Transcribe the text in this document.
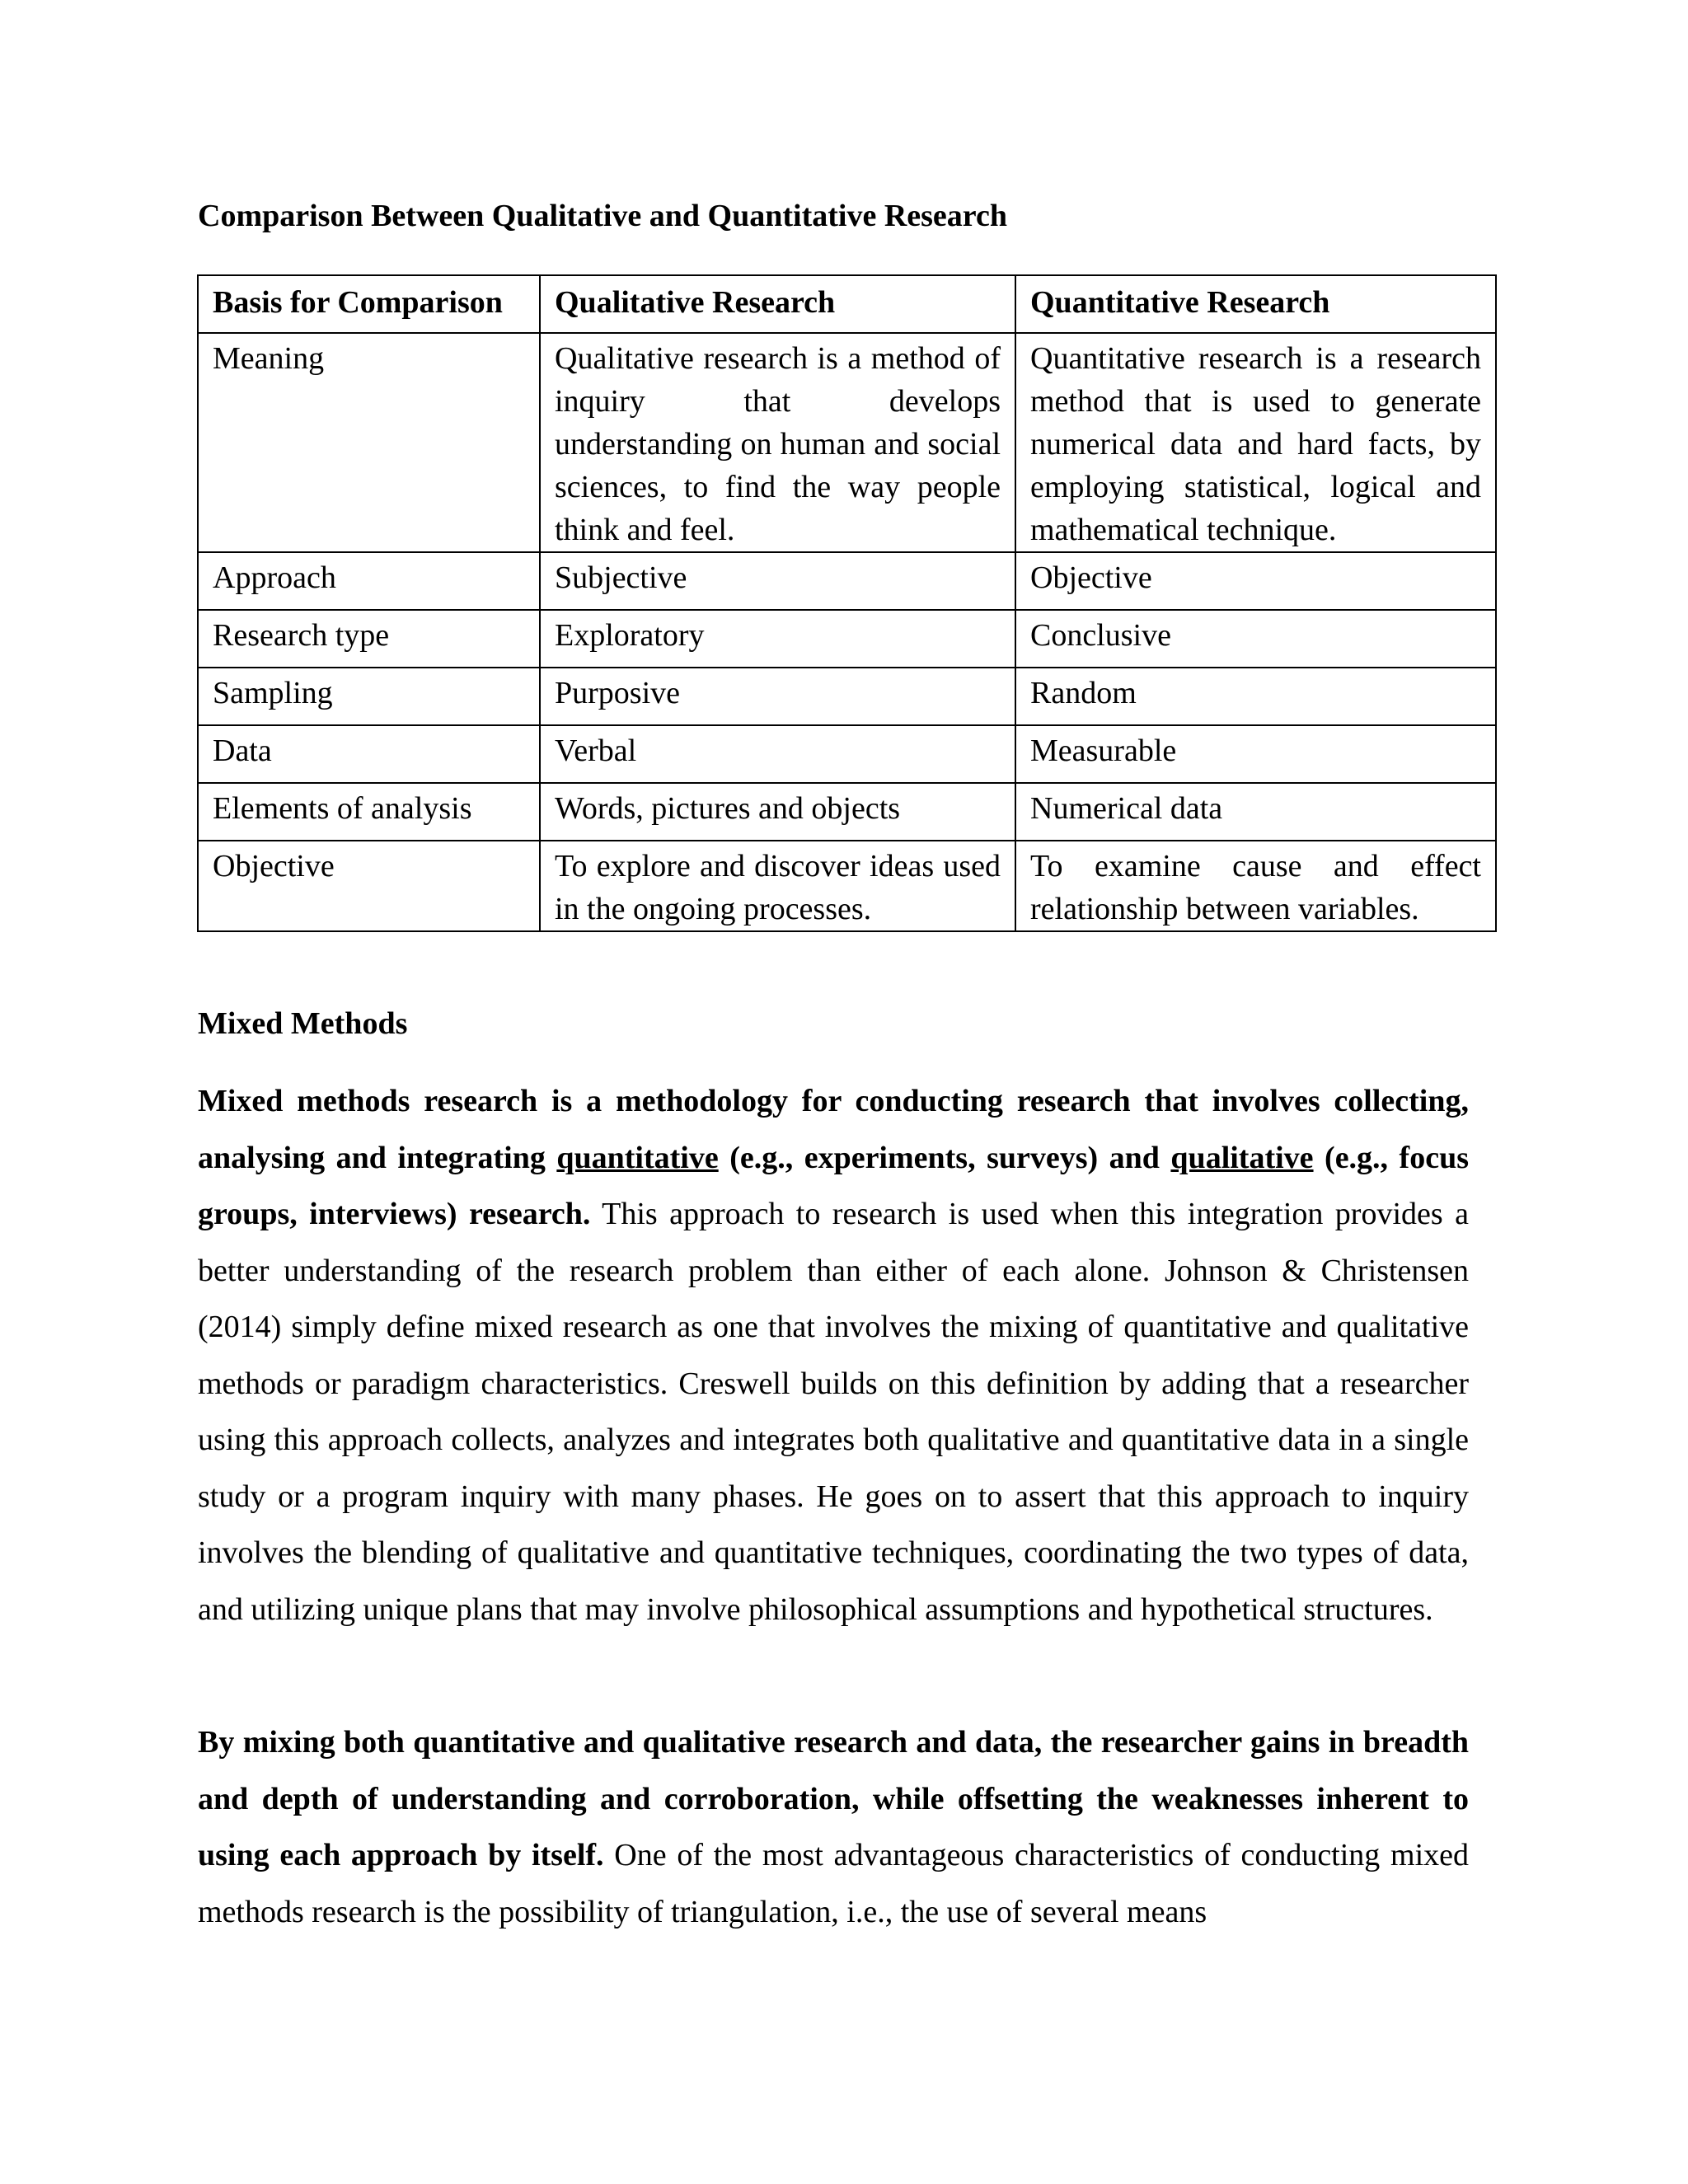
Comparison Between Qualitative and Quantitative Research
Basis for Comparison	Qualitative Research	Quantitative Research
Meaning	Qualitative research is a method of inquiry that develops understanding on human and social sciences, to find the way people think and feel.	Quantitative research is a research method that is used to generate numerical data and hard facts, by employing statistical, logical and mathematical technique.
Approach	Subjective	Objective
Research type	Exploratory	Conclusive
Sampling	Purposive	Random
Data	Verbal	Measurable
Elements of analysis	Words, pictures and objects	Numerical data
Objective	To explore and discover ideas used in the ongoing processes.	To examine cause and effect relationship between variables.
Mixed Methods

Mixed methods research is a methodology for conducting research that involves collecting, analysing and integrating quantitative (e.g., experiments, surveys) and qualitative (e.g., focus groups, interviews) research. This approach to research is used when this integration provides a better understanding of the research problem than either of each alone. Johnson & Christensen (2014) simply define mixed research as one that involves the mixing of quantitative and qualitative methods or paradigm characteristics. Creswell builds on this definition by adding that a researcher using this approach collects, analyzes and integrates both qualitative and quantitative data in a single study or a program inquiry with many phases. He goes on to assert that this approach to inquiry involves the blending of qualitative and quantitative techniques, coordinating the two types of data, and utilizing unique plans that may involve philosophical assumptions and hypothetical structures.

By mixing both quantitative and qualitative research and data, the researcher gains in breadth and depth of understanding and corroboration, while offsetting the weaknesses inherent to using each approach by itself. One of the most advantageous characteristics of conducting mixed methods research is the possibility of triangulation, i.e., the use of several means
